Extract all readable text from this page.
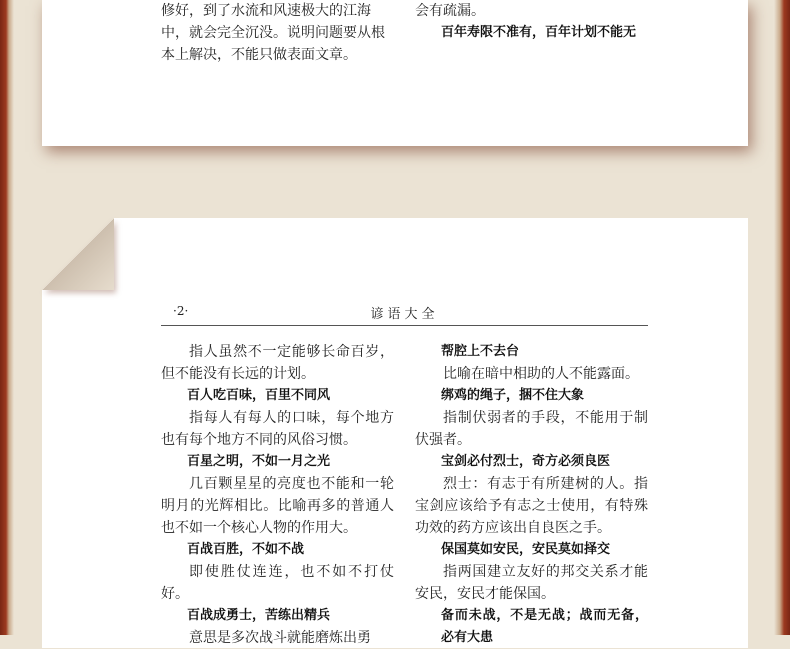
修好，到了水流和风速极大的江海

中，就会完全沉没。说明问题要从根

本上解决，不能只做表面文章。

会有疏漏。

百年寿限不准有，百年计划不能无

·2·	谚语大全

指人虽然不一定能够长命百岁，但不能没有长远的计划。

百人吃百味，百里不同风

指每人有每人的口味，每个地方也有每个地方不同的风俗习惯。

百星之明，不如一月之光

几百颗星星的亮度也不能和一轮明月的光辉相比。比喻再多的普通人也不如一个核心人物的作用大。

百战百胜，不如不战

即使胜仗连连，也不如不打仗好。

百战成勇士，苦练出精兵

意思是多次战斗就能磨炼出勇

帮腔上不去台

比喻在暗中相助的人不能露面。

绑鸡的绳子，捆不住大象

指制伏弱者的手段，不能用于制伏强者。

宝剑必付烈士，奇方必须良医

烈士：有志于有所建树的人。指宝剑应该给予有志之士使用，有特殊功效的药方应该出自良医之手。

保国莫如安民，安民莫如择交

指两国建立友好的邦交关系才能安民，安民才能保国。

备而未战，不是无战；战而无备，必有大患
